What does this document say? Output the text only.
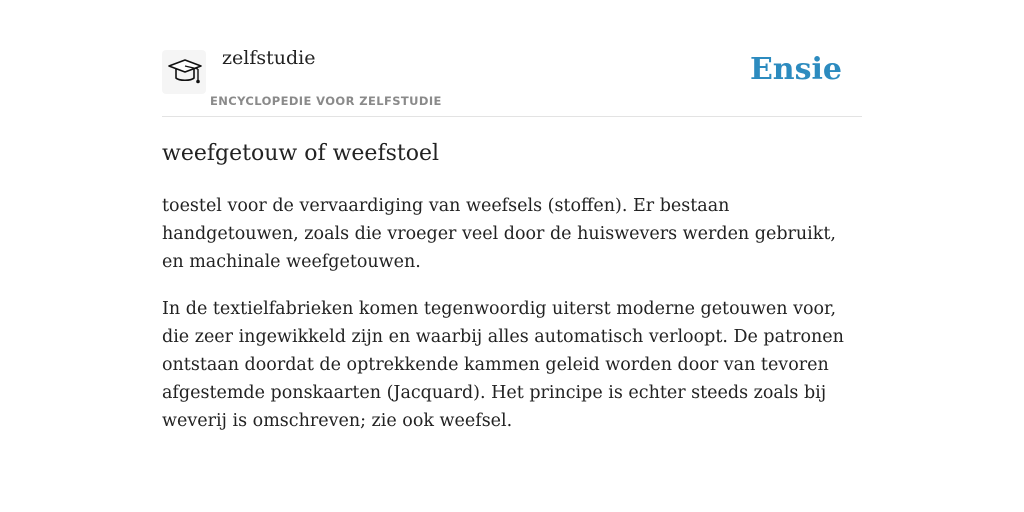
zelfstudie

ENCYCLOPEDIE VOOR ZELFSTUDIE

Ensie
weefgetouw of weefstoel

toestel voor de vervaardiging van weefsels (stoffen). Er bestaan handgetouwen, zoals die vroeger veel door de huiswevers werden gebruikt, en machinale weefgetouwen.

In de textielfabrieken komen tegenwoordig uiterst moderne getouwen voor, die zeer ingewikkeld zijn en waarbij alles automatisch verloopt. De patronen ontstaan doordat de optrekkende kammen geleid worden door van tevoren afgestemde ponskaarten (Jacquard). Het principe is echter steeds zoals bij weverij is omschreven; zie ook weefsel.
